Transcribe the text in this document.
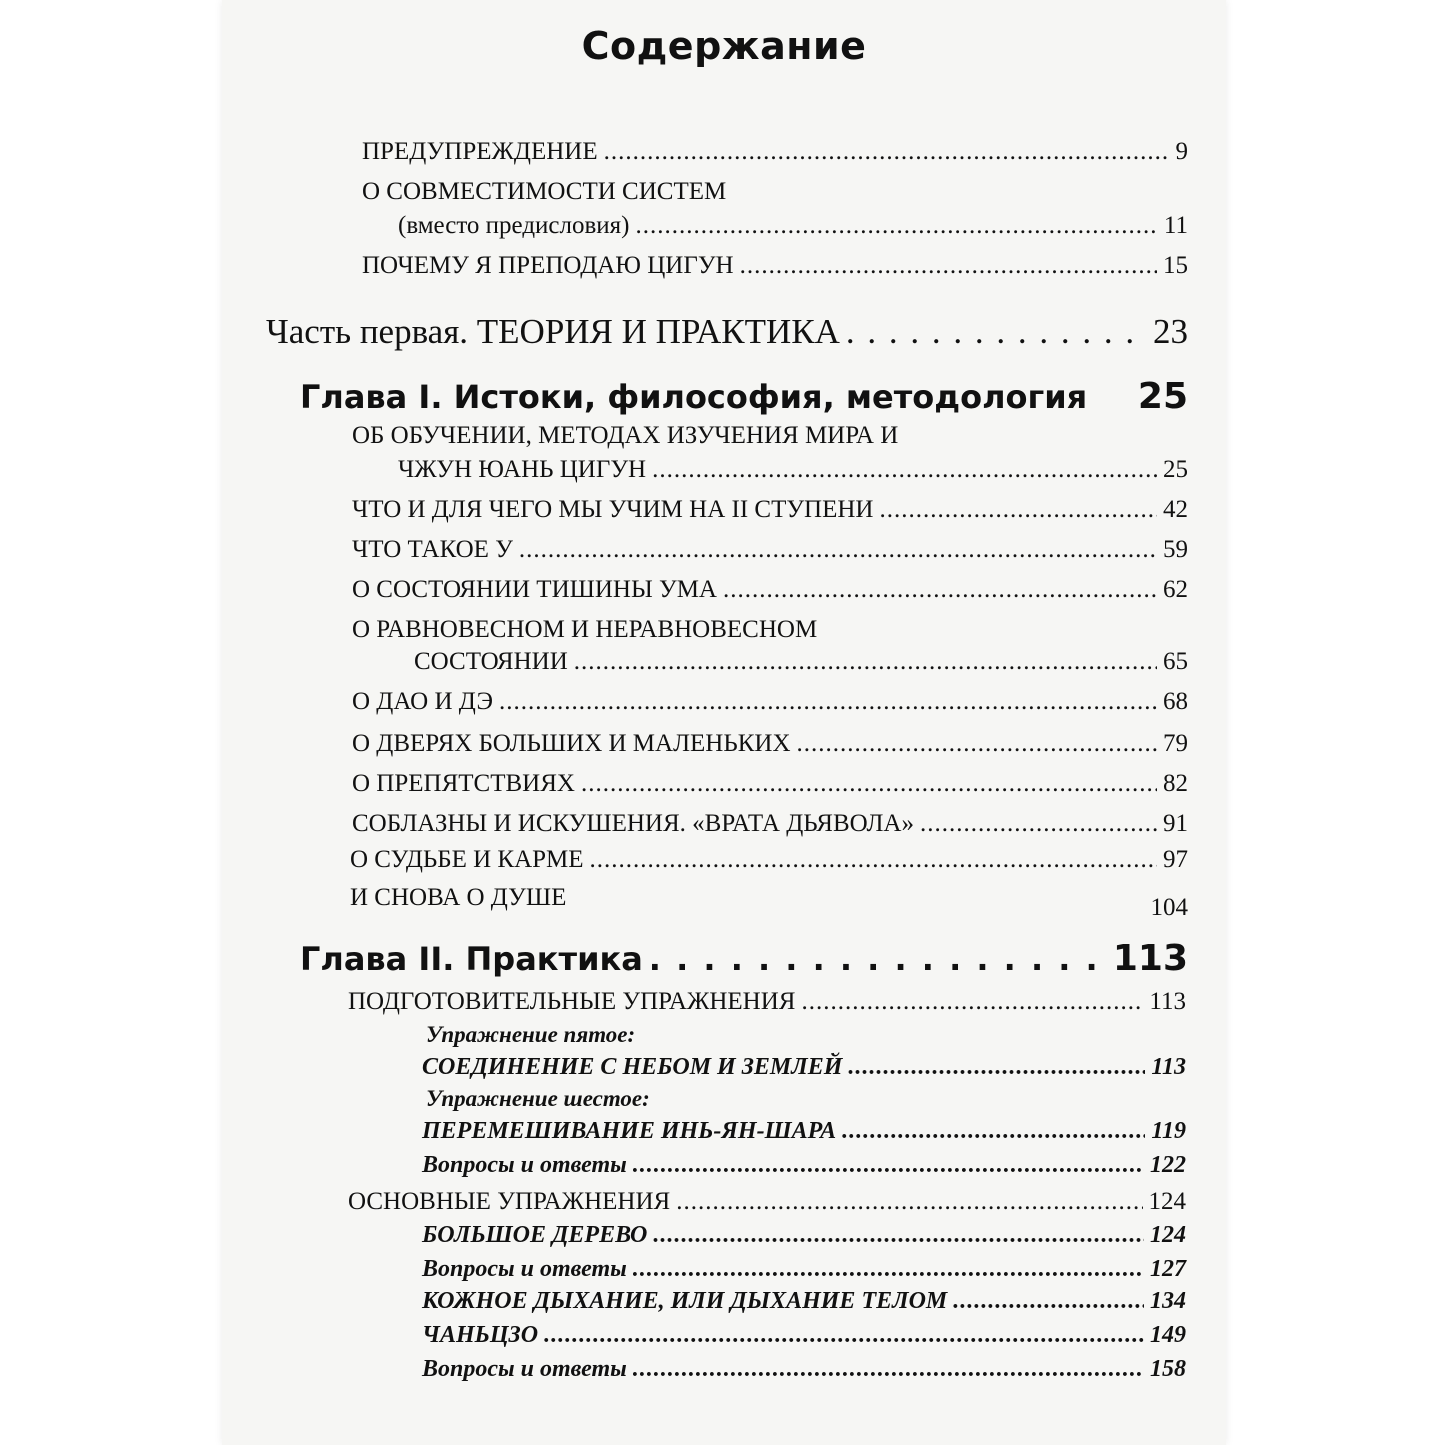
Содержание
ПРЕДУПРЕЖДЕНИЕ .....	9
О СОВМЕСТИМОСТИ СИСТЕМ
(вместо предисловия) .....	11
ПОЧЕМУ Я ПРЕПОДАЮ ЦИГУН .....	15
Часть первая. ТЕОРИЯ И ПРАКТИКА . .	23
Глава I. Истоки, философия, методология 25
ОБ ОБУЧЕНИИ, МЕТОДАХ ИЗУЧЕНИЯ МИРА И
ЧЖУН ЮАНЬ ЦИГУН .....	25
ЧТО И ДЛЯ ЧЕГО МЫ УЧИМ НА II СТУПЕНИ .....	42
ЧТО ТАКОЕ У .....	59
О СОСТОЯНИИ ТИШИНЫ УМА .....	62
О РАВНОВЕСНОМ И НЕРАВНОВЕСНОМ
СОСТОЯНИИ .....	65
О ДАО И ДЭ .....	68
О ДВЕРЯХ БОЛЬШИХ И МАЛЕНЬКИХ .....	79
О ПРЕПЯТСТВИЯХ .....	82
СОБЛАЗНЫ И ИСКУШЕНИЯ. «ВРАТА ДЬЯВОЛА» .....	91
О СУДЬБЕ И КАРМЕ .....	97
И СНОВА О ДУШЕ	104
Глава II. Практика . .	113
ПОДГОТОВИТЕЛЬНЫЕ УПРАЖНЕНИЯ .....	113
Упражнение пятое:
СОЕДИНЕНИЕ С НЕБОМ И ЗЕМЛЕЙ .....	113
Упражнение шестое:
ПЕРЕМЕШИВАНИЕ ИНЬ-ЯН-ШАРА .....	119
Вопросы и ответы .....	122
ОСНОВНЫЕ УПРАЖНЕНИЯ .....	124
БОЛЬШОЕ ДЕРЕВО .....	124
Вопросы и ответы .....	127
КОЖНОЕ ДЫХАНИЕ, ИЛИ ДЫХАНИЕ ТЕЛОМ .....	134
ЧАНЬЦЗО .....	149
Вопросы и ответы .....	158
